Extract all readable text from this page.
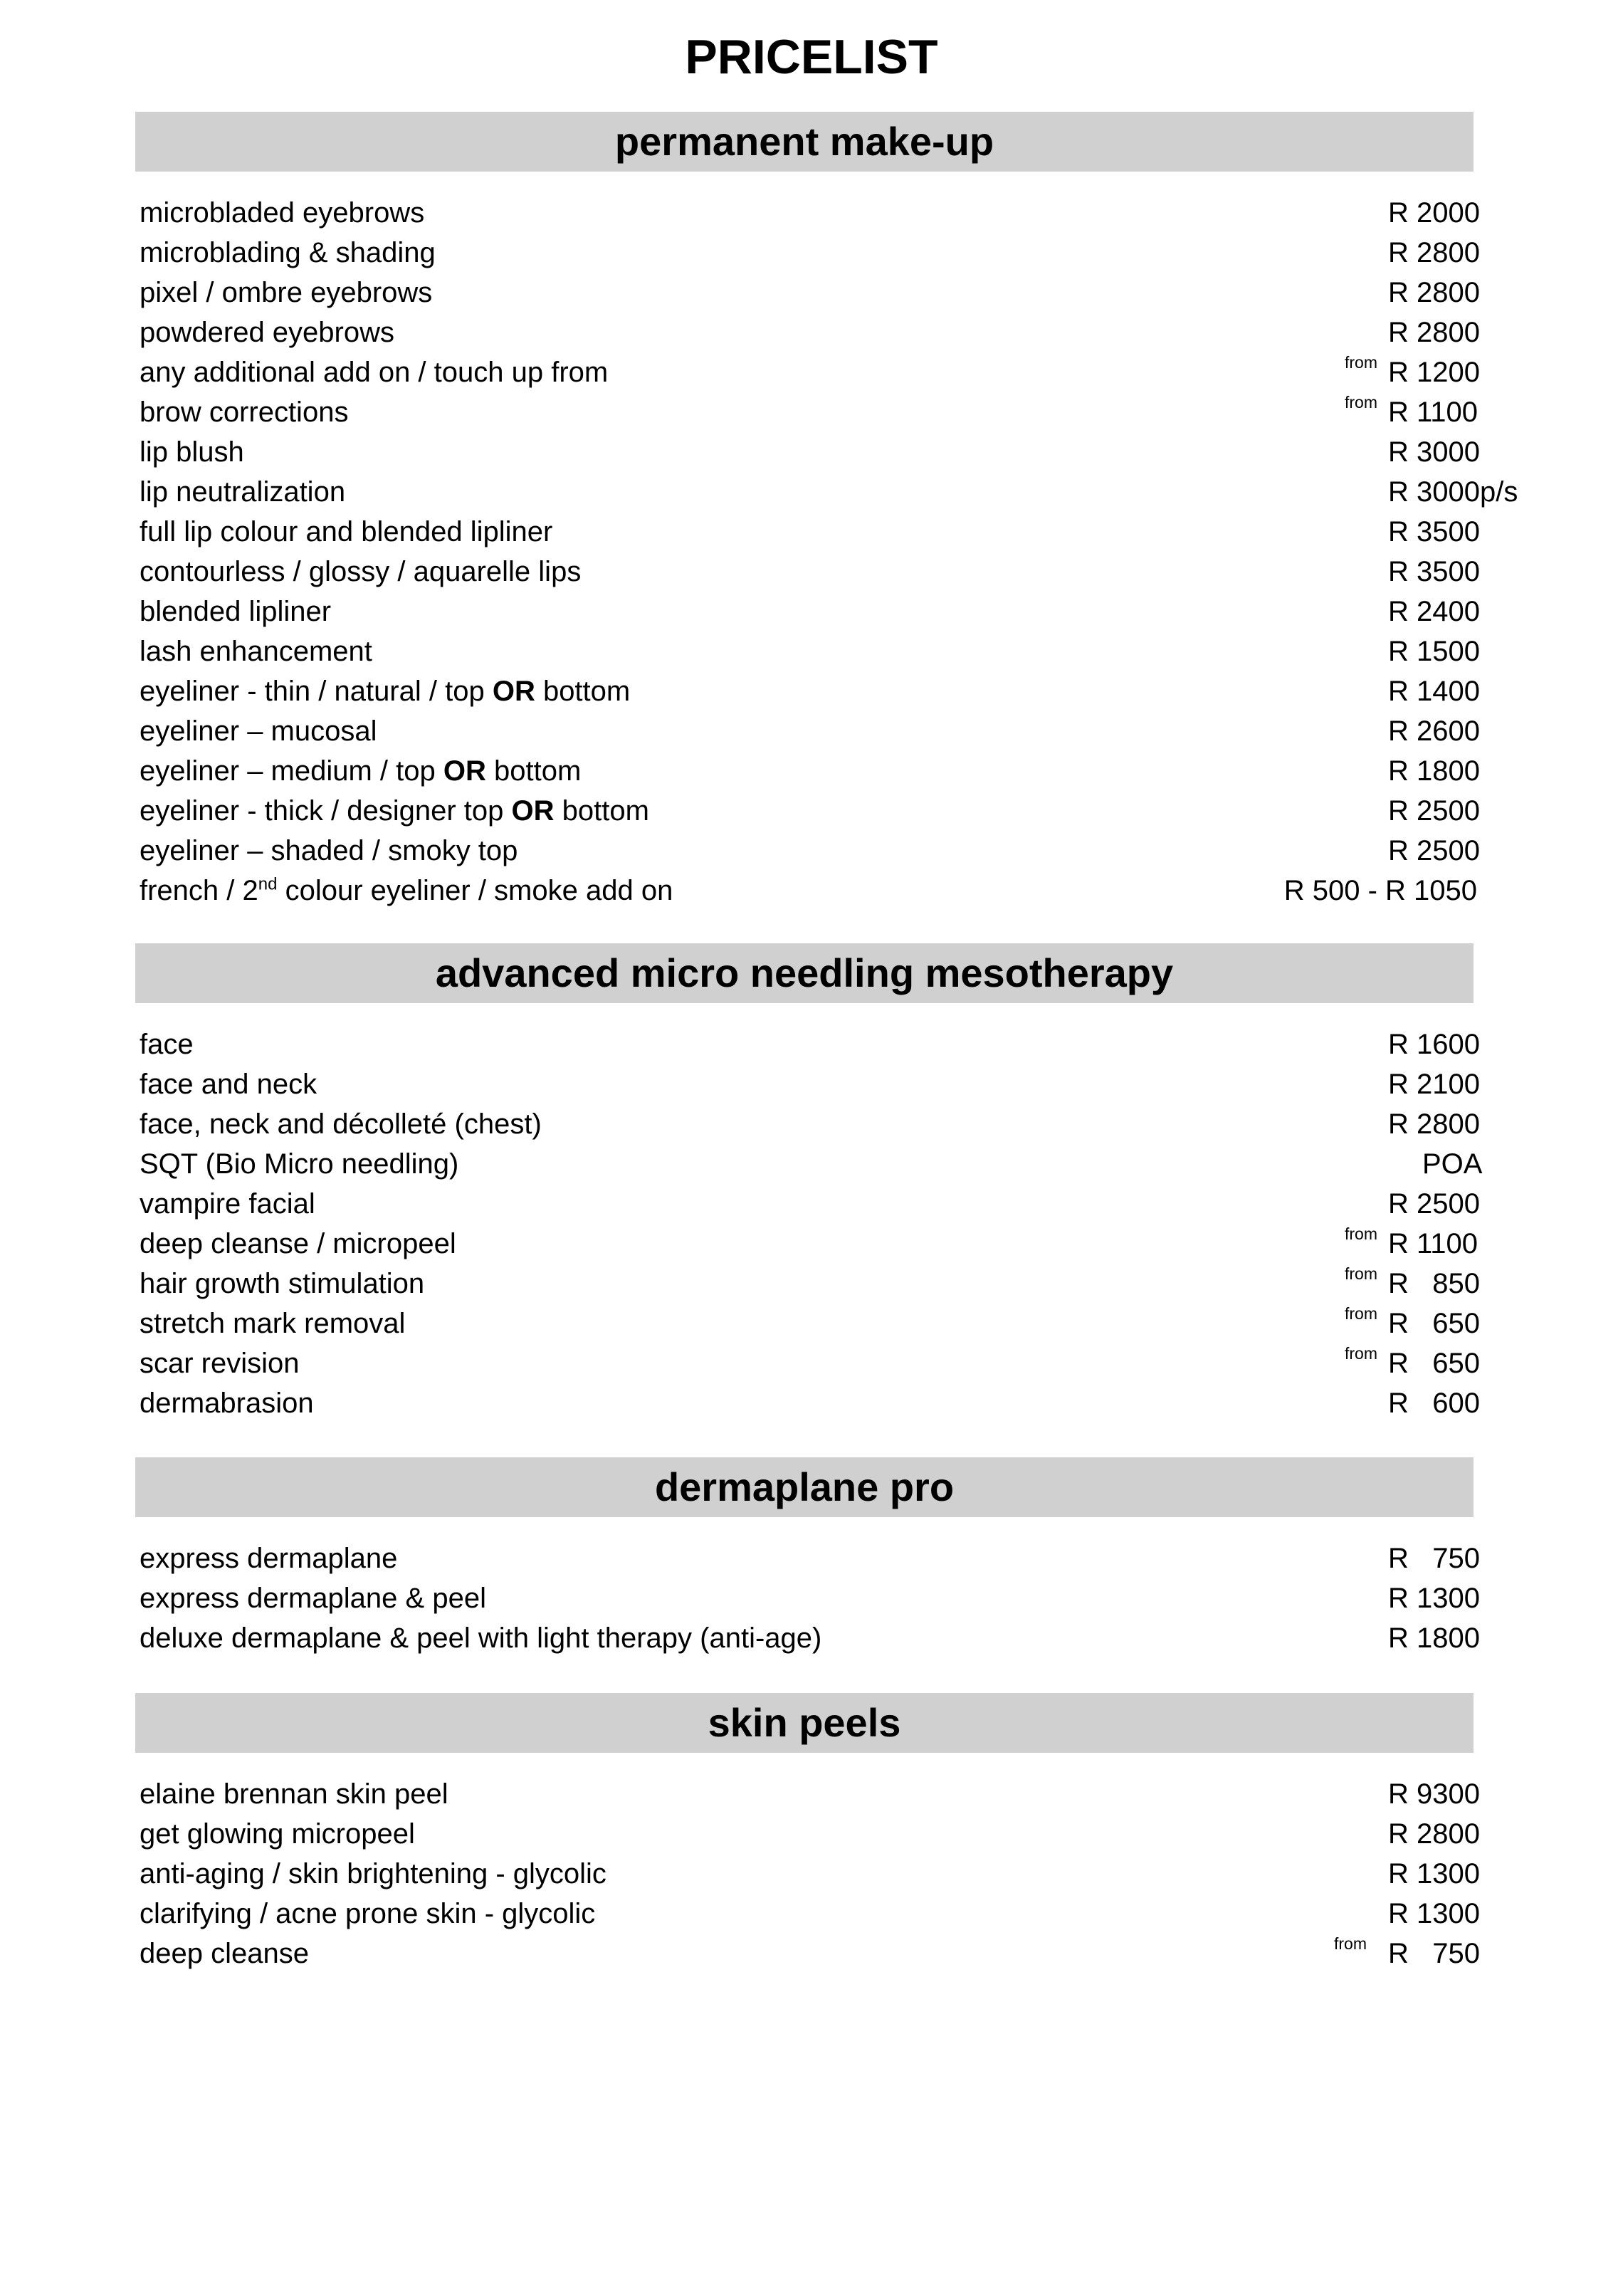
PRICELIST
permanent make-up
microbladed eyebrows	R 2000
microblading & shading	R 2800
pixel / ombre eyebrows	R 2800
powdered eyebrows	R 2800
any additional add on / touch up from	from R 1200
brow corrections	from R 1100
lip blush	R 3000
lip neutralization	R 3000p/s
full lip colour and blended lipliner	R 3500
contourless / glossy / aquarelle lips	R 3500
blended lipliner	R 2400
lash enhancement	R 1500
eyeliner - thin / natural / top OR bottom	R 1400
eyeliner – mucosal	R 2600
eyeliner – medium / top OR bottom	R 1800
eyeliner - thick / designer top OR bottom	R 2500
eyeliner – shaded / smoky top	R 2500
french / 2nd colour eyeliner / smoke add on	R 500 - R 1050
advanced micro needling mesotherapy
face	R 1600
face and neck	R 2100
face, neck and décolleté (chest)	R 2800
SQT (Bio Micro needling)	POA
vampire facial	R 2500
deep cleanse / micropeel	from R 1100
hair growth stimulation	from R   850
stretch mark removal	from R   650
scar revision	from R   650
dermabrasion	R   600
dermaplane pro
express dermaplane	R   750
express dermaplane & peel	R 1300
deluxe dermaplane & peel with light therapy (anti-age)	R 1800
skin peels
elaine brennan skin peel	R 9300
get glowing micropeel	R 2800
anti-aging / skin brightening - glycolic	R 1300
clarifying / acne prone skin - glycolic	R 1300
deep cleanse	from R   750
